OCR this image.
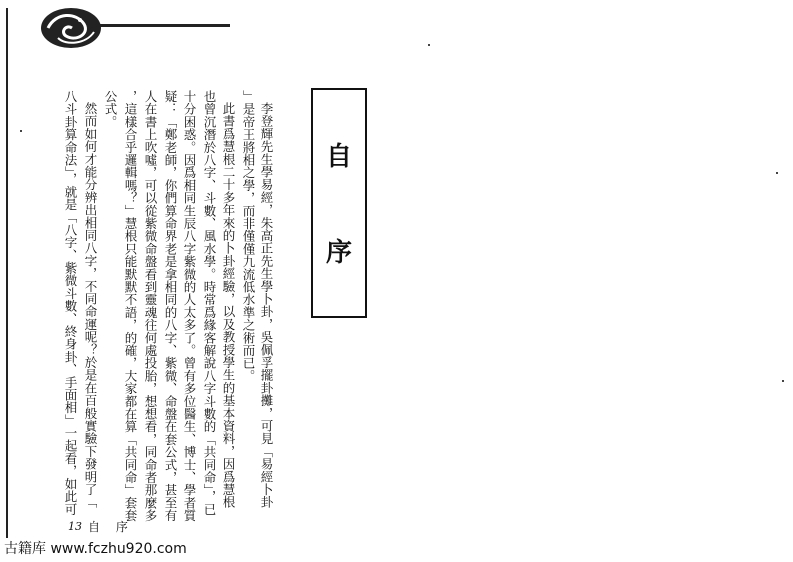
自
序
李登輝先生學易經，朱高正先生學卜卦，吳佩孚擺卦攤，可見「易經卜卦
」是帝王將相之學，而非僅僅九流低水準之術而已。
此書爲慧根二十多年來的卜卦經驗，以及教授學生的基本資料，因爲慧根
也曾沉潛於八字、斗數、風水學。時常爲緣客解說八字斗數的「共同命」，已
十分困惑。因爲相同生辰八字紫微的人太多了。曾有多位醫生、博士、學者質
疑：「鄭老師，你們算命界老是拿相同的八字、紫微、命盤在套公式，甚至有
人在書上吹噓，可以從紫微命盤看到靈魂往何處投胎，想想看，同命者那麼多
，這樣合乎邏輯嗎？」慧根只能默默不語，的確，大家都在算「共同命」套套
公式。
然而如何才能分辨出相同八字，不同命運呢？於是在百般實驗下發明了「
八斗卦算命法」，就是「八字、紫微斗數、終身卦、手面相」一起看，如此可
13 自 序
古籍库 www.fczhu920.com
